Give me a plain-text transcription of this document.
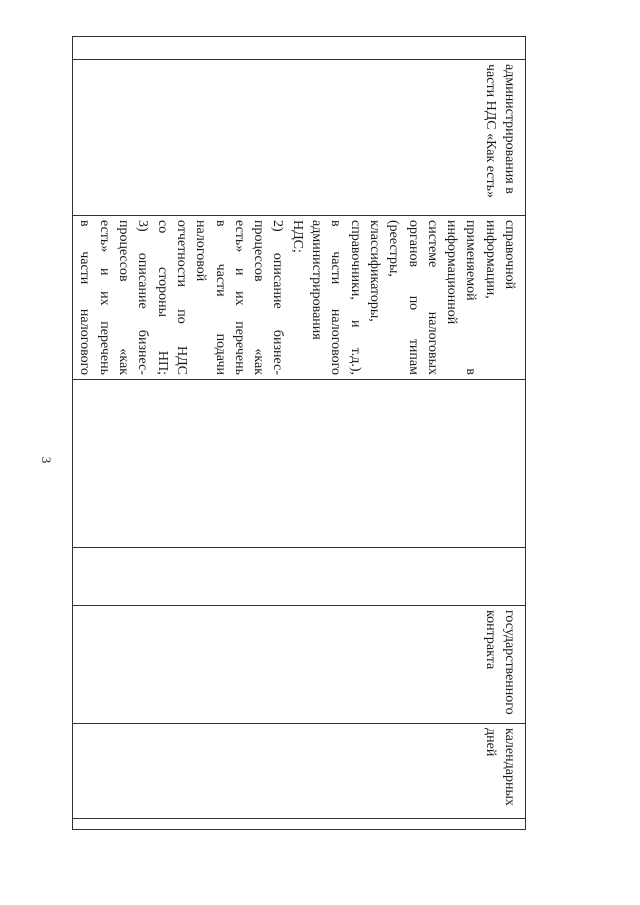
3
администрирования в
части НДС «Как есть»

справочной

информации,

применяемой в

информационной

системе налоговых

органов по типам

(реестры,

классификаторы,

справочники, и т.д.),

в части налогового

администрирования

НДС;

2) описание бизнес-

процессов «как

есть» и их перечень

в части подачи

налоговой

отчетности по НДС

со стороны НП;

3) описание бизнес-

процессов «как

есть» и их перечень

в части налогового

государственного
контракта
календарных
дней
